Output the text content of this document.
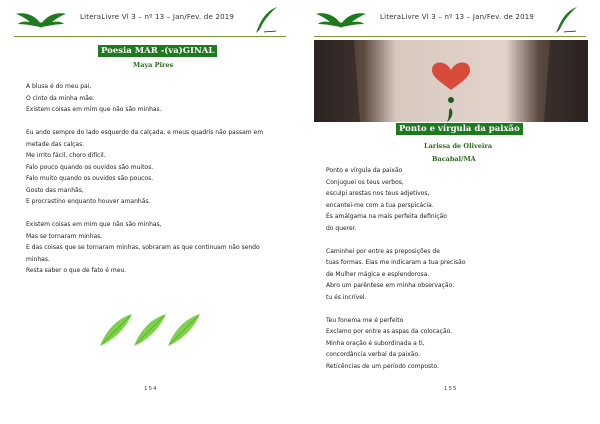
LiteraLivre Vl 3 – nº 13 – Jan/Fev. de 2019
Poesia MAR -(va)GINAL
Maya Pires
A blusa é do meu pai,
O cinto da minha mãe.
Existem coisas em mim que não são minhas.
Eu ando sempre do lado esquerdo da calçada, e meus quadris não passam em
metade das calças.
Me irrito fácil, choro difícil.
Falo pouco quando os ouvidos são muitos.
Falo muito quando os ouvidos são poucos.
Gosto das manhãs,
E procrastino enquanto houver amanhãs.
Existem coisas em mim que não são minhas,
Mas se tornaram minhas.
E das coisas que se tornaram minhas, sobraram as que continuam não sendo
minhas.
Resta saber o que de fato é meu.
154
LiteraLivre Vl 3 – nº 13 – Jan/Fev. de 2019
Ponto e vírgula da paixão
Larissa de Oliveira
Bacabal/MA
Ponto e vírgula da paixão
Conjuguei os teus verbos,
esculpi arestas nos teus adjetivos,
encantei-me com a tua perspicácia.
És amálgama na mais perfeita definição
do querer.
Caminhei por entre as preposições de
tuas formas. Elas me indicaram a tua precisão
de Mulher mágica e esplendorosa.
Abro um parêntese em minha observação:
tu és incrível.
Teu fonema me é perfeito
Exclamo por entre as aspas da colocação.
Minha oração é subordinada a ti,
concordância verbal da paixão.
Reticências de um período composto.
155
